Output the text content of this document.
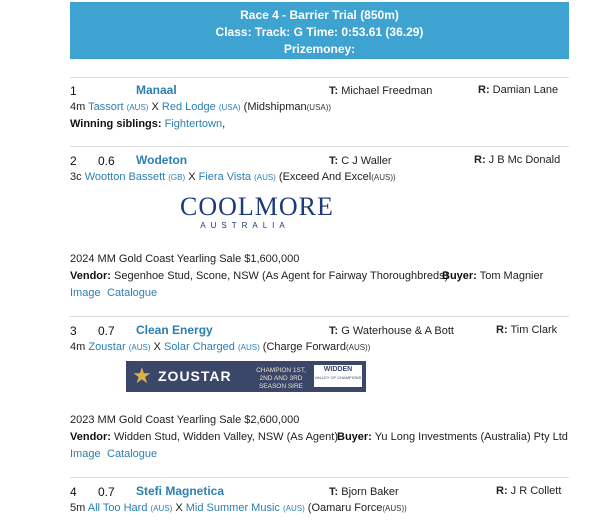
Race 4 - Barrier Trial (850m)
Class: Track: G Time: 0:53.61 (36.29)
Prizemoney:
1	Manaal	T: Michael Freedman	R: Damian Lane
4m Tassort (AUS) X Red Lodge (USA) (Midshipman(USA))
Winning siblings: Fightertown,
2 0.6 Wodeton	T: C J Waller	R: J B Mc Donald
3c Wootton Bassett (GB) X Fiera Vista (AUS) (Exceed And Excel(AUS))
COOLMORE
AUSTRALIA
2024 MM Gold Coast Yearling Sale $1,600,000
Vendor: Segenhoe Stud, Scone, NSW (As Agent for Fairway Thoroughbreds)
Buyer: Tom Magnier
Image Catalogue
3 0.7 Clean Energy	T: G Waterhouse & A Bott	R: Tim Clark
4m Zoustar (AUS) X Solar Charged (AUS) (Charge Forward(AUS))
★ ZOUSTAR	CHAMPION 1ST, 2ND AND 3RD SEASON SIRE
WIDDEN
VALLEY OF CHAMPIONS
2023 MM Gold Coast Yearling Sale $2,600,000
Vendor: Widden Stud, Widden Valley, NSW (As Agent) Buyer: Yu Long Investments (Australia) Pty Ltd
Image Catalogue
4 0.7 Stefi Magnetica	T: Bjorn Baker	R: J R Collett
5m All Too Hard (AUS) X Mid Summer Music (AUS) (Oamaru Force(AUS))
